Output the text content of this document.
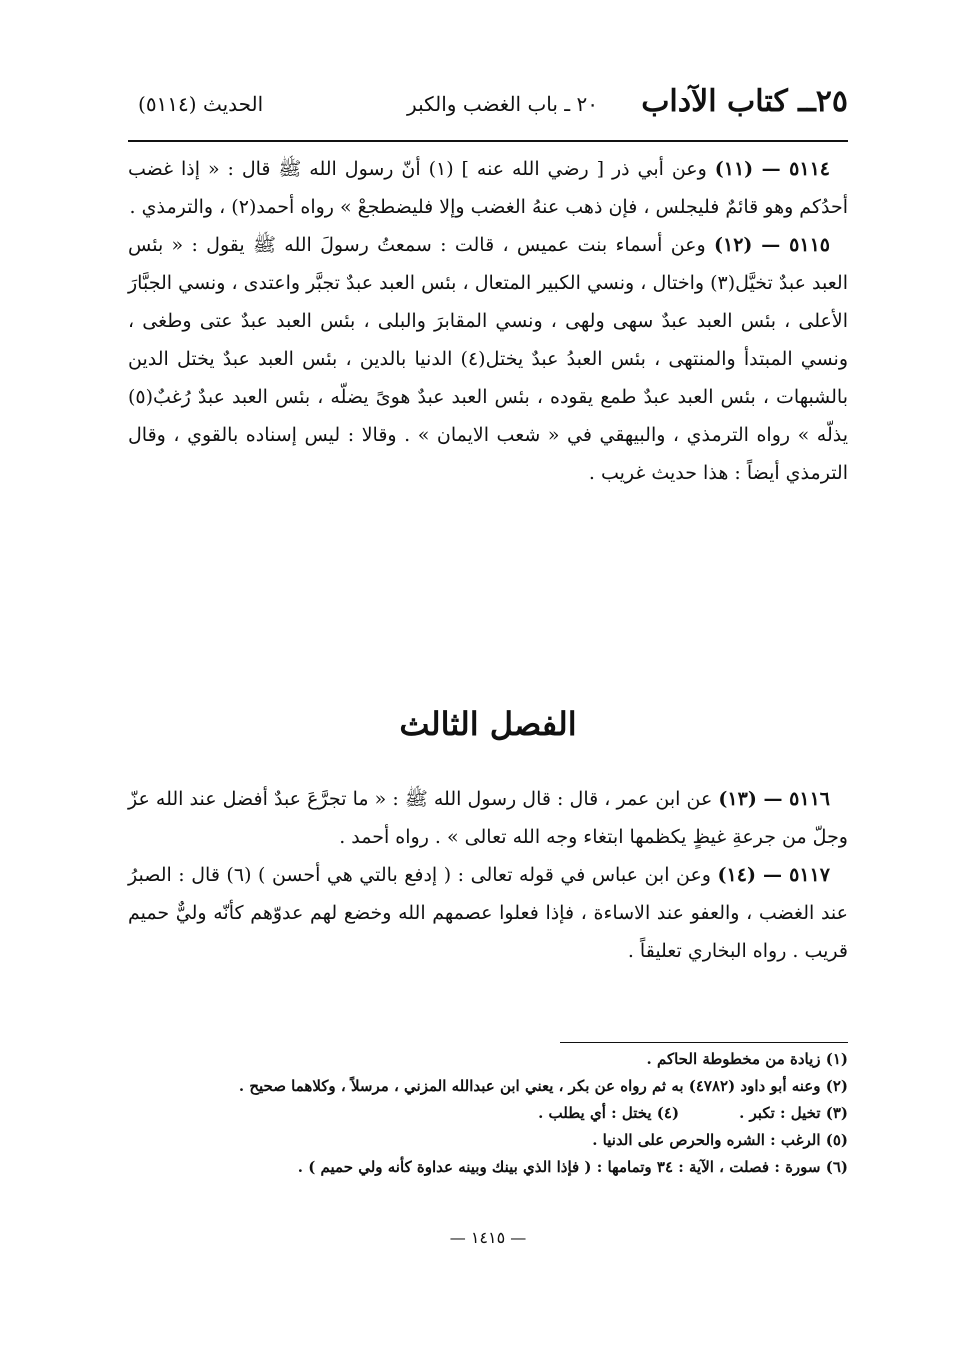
٢٥ــ كتاب الآداب
٢٠ ـ باب الغضب والكبر
الحديث (٥١١٤)

٥١١٤ — (١١) وعن أبي ذر [ رضي الله عنه ] (١) أنّ رسول الله ﷺ قال : « إذا غضب أحدُكم وهو قائمٌ فليجلس ، فإن ذهب عنهُ الغضب وإلا فليضطجعْ » رواه أحمد(٢) ، والترمذي .

٥١١٥ — (١٢) وعن أسماء بنت عميس ، قالت : سمعتُ رسولَ الله ﷺ يقول : « بئس العبد عبدٌ تخيَّل(٣) واختال ، ونسي الكبير المتعال ، بئس العبد عبدٌ تجبَّر واعتدى ، ونسي الجبَّارَ الأعلى ، بئس العبد عبدٌ سهى ولهى ، ونسي المقابرَ والبلى ، بئس العبد عبدٌ عتى وطغى ، ونسي المبتدأ والمنتهى ، بئس العبدُ عبدٌ يختل(٤) الدنيا بالدين ، بئس العبد عبدٌ يختل الدين بالشبهات ، بئس العبد عبدٌ طمع يقوده ، بئس العبد عبدٌ هوىً يضلّه ، بئس العبد عبدٌ رُغبٌ(٥) يذلّه » رواه الترمذي ، والبيهقي في « شعب الايمان » . وقالا : ليس إسناده بالقوي ، وقال الترمذي أيضاً : هذا حديث غريب .

الفصل الثالث

٥١١٦ — (١٣) عن ابن عمر ، قال : قال رسول الله ﷺ : « ما تجرَّعَ عبدٌ أفضل عند الله عزّ وجلّ من جرعةِ غيظٍ يكظمها ابتغاء وجه الله تعالى » . رواه أحمد .

٥١١٧ — (١٤) وعن ابن عباس في قوله تعالى : ( إدفع بالتي هي أحسن ) (٦) قال : الصبرُ عند الغضب ، والعفو عند الاساءة ، فإذا فعلوا عصمهم الله وخضع لهم عدوّهم كأنّه وليٌّ حميم قريب . رواه البخاري تعليقاً .

(١) زيادة من مخطوطة الحاكم .

(٢) وعنه أبو داود (٤٧٨٢) به ثم رواه عن بكر ، يعني ابن عبدالله المزني ، مرسلاً ، وكلاهما صحيح .

(٣) تخيل : تكبر .

(٤) يختل : أي يطلب .

(٥) الرغب : الشره والحرص على الدنيا .

(٦) سورة : فصلت ، الآية : ٣٤ وتمامها : ( فإذا الذي بينك وبينه عداوة كأنه ولي حميم ) .

— ١٤١٥ —
